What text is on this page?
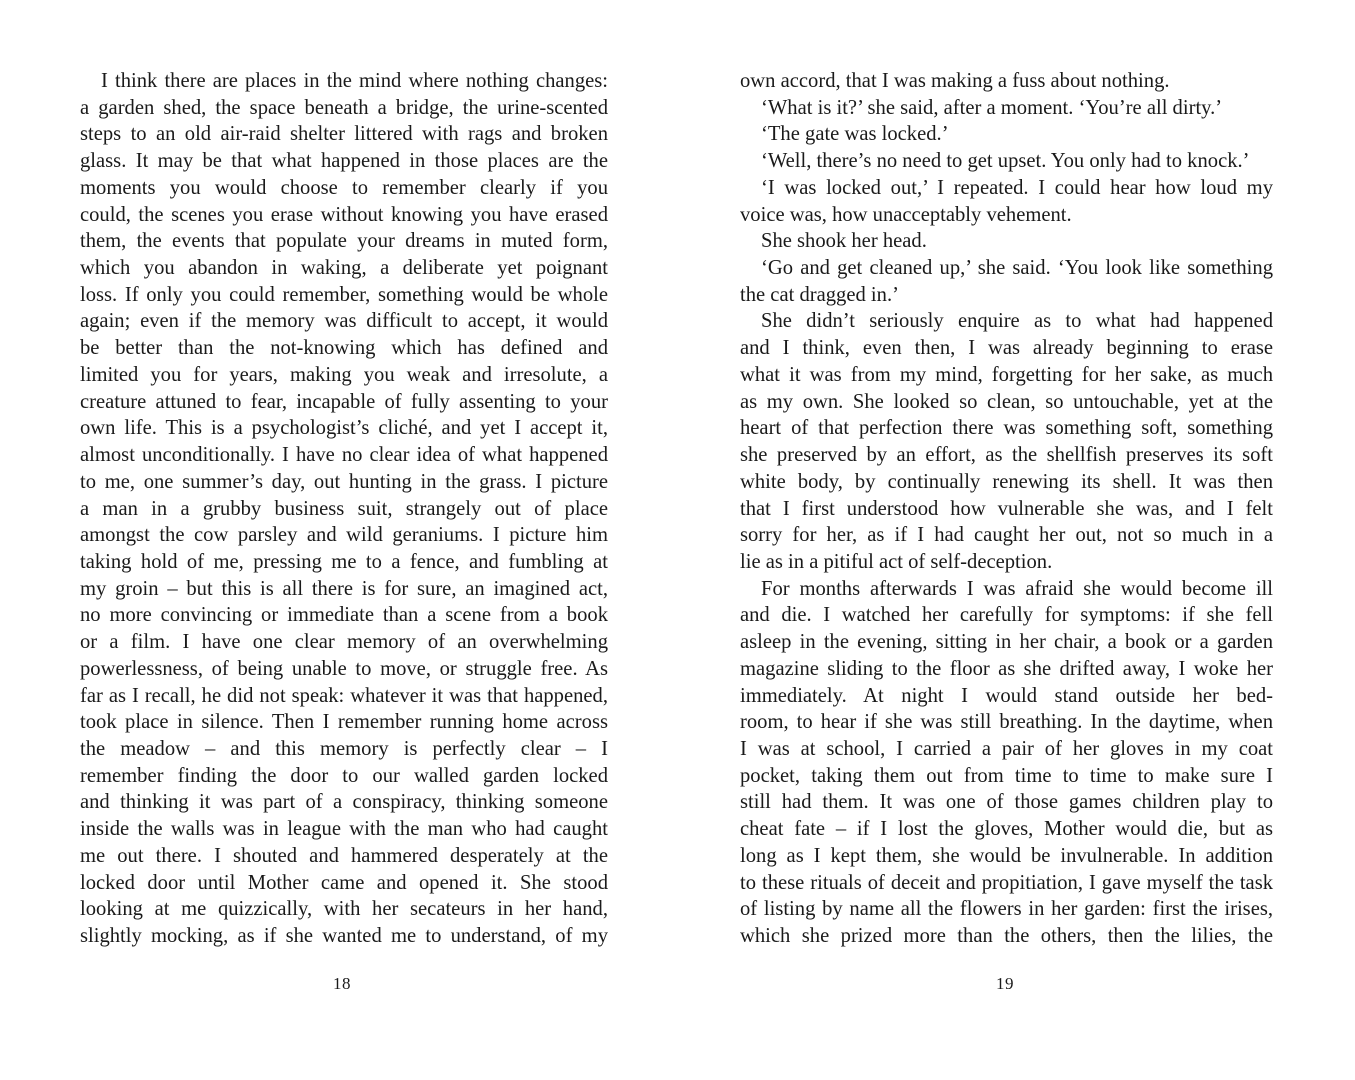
I think there are places in the mind where nothing changes:
a garden shed, the space beneath a bridge, the urine-scented
steps to an old air-raid shelter littered with rags and broken
glass. It may be that what happened in those places are the
moments you would choose to remember clearly if you
could, the scenes you erase without knowing you have erased
them, the events that populate your dreams in muted form,
which you abandon in waking, a deliberate yet poignant
loss. If only you could remember, something would be whole
again; even if the memory was difficult to accept, it would
be better than the not-knowing which has defined and
limited you for years, making you weak and irresolute, a
creature attuned to fear, incapable of fully assenting to your
own life. This is a psychologist’s cliché, and yet I accept it,
almost unconditionally. I have no clear idea of what happened
to me, one summer’s day, out hunting in the grass. I picture
a man in a grubby business suit, strangely out of place
amongst the cow parsley and wild geraniums. I picture him
taking hold of me, pressing me to a fence, and fumbling at
my groin – but this is all there is for sure, an imagined act,
no more convincing or immediate than a scene from a book
or a film. I have one clear memory of an overwhelming
powerlessness, of being unable to move, or struggle free. As
far as I recall, he did not speak: whatever it was that happened,
took place in silence. Then I remember running home across
the meadow – and this memory is perfectly clear – I
remember finding the door to our walled garden locked
and thinking it was part of a conspiracy, thinking someone
inside the walls was in league with the man who had caught
me out there. I shouted and hammered desperately at the
locked door until Mother came and opened it. She stood
looking at me quizzically, with her secateurs in her hand,
slightly mocking, as if she wanted me to understand, of my
own accord, that I was making a fuss about nothing.
‘What is it?’ she said, after a moment. ‘You’re all dirty.’
‘The gate was locked.’
‘Well, there’s no need to get upset. You only had to knock.’
‘I was locked out,’ I repeated. I could hear how loud my
voice was, how unacceptably vehement.
She shook her head.
‘Go and get cleaned up,’ she said. ‘You look like something
the cat dragged in.’
She didn’t seriously enquire as to what had happened
and I think, even then, I was already beginning to erase
what it was from my mind, forgetting for her sake, as much
as my own. She looked so clean, so untouchable, yet at the
heart of that perfection there was something soft, something
she preserved by an effort, as the shellfish preserves its soft
white body, by continually renewing its shell. It was then
that I first understood how vulnerable she was, and I felt
sorry for her, as if I had caught her out, not so much in a
lie as in a pitiful act of self-deception.
For months afterwards I was afraid she would become ill
and die. I watched her carefully for symptoms: if she fell
asleep in the evening, sitting in her chair, a book or a garden
magazine sliding to the floor as she drifted away, I woke her
immediately. At night I would stand outside her bed-
room, to hear if she was still breathing. In the daytime, when
I was at school, I carried a pair of her gloves in my coat
pocket, taking them out from time to time to make sure I
still had them. It was one of those games children play to
cheat fate – if I lost the gloves, Mother would die, but as
long as I kept them, she would be invulnerable. In addition
to these rituals of deceit and propitiation, I gave myself the task
of listing by name all the flowers in her garden: first the irises,
which she prized more than the others, then the lilies, the
18	19
